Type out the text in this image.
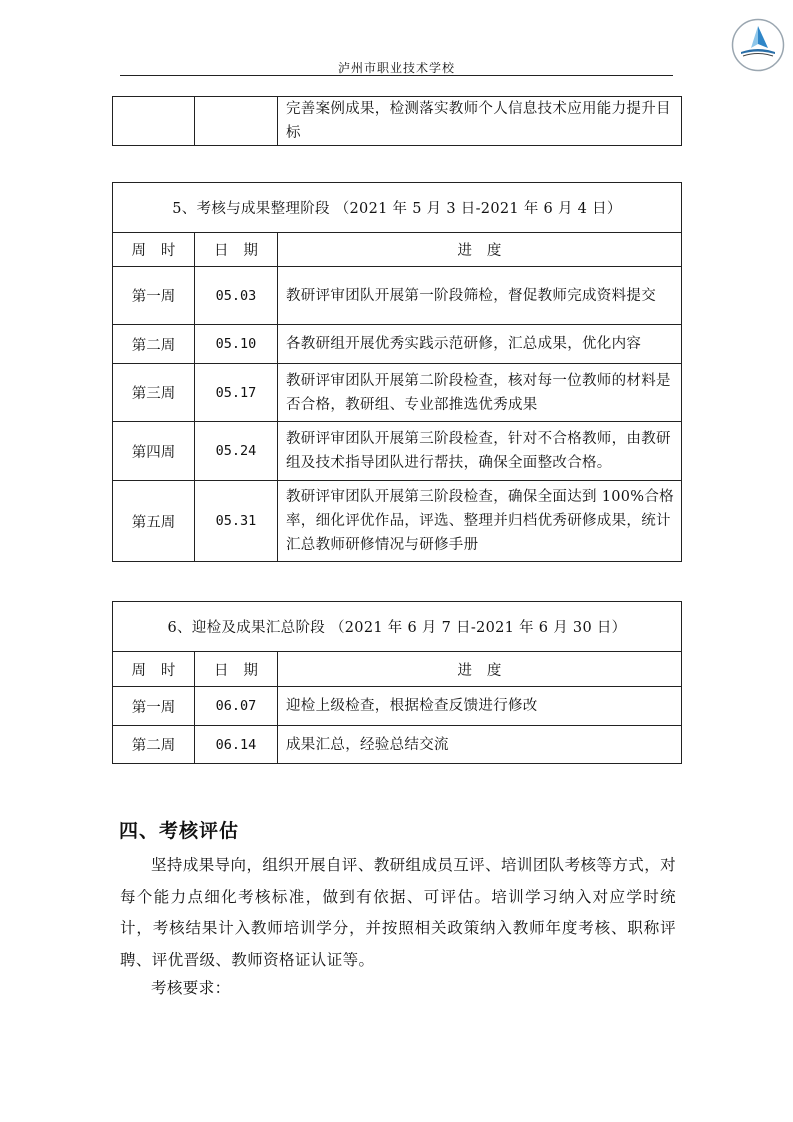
泸州市职业技术学校
		完善案例成果，检测落实教师个人信息技术应用能力提升目标
5、考核与成果整理阶段 （2021 年 5 月 3 日-2021 年 6 月 4 日）		
周　时	日　期	进　度
第一周	05.03	教研评审团队开展第一阶段筛检，督促教师完成资料提交
第二周	05.10	各教研组开展优秀实践示范研修，汇总成果，优化内容
第三周	05.17	教研评审团队开展第二阶段检查，核对每一位教师的材料是否合格，教研组、专业部推选优秀成果
第四周	05.24	教研评审团队开展第三阶段检查，针对不合格教师，由教研组及技术指导团队进行帮扶，确保全面整改合格。
第五周	05.31	教研评审团队开展第三阶段检查，确保全面达到 100%合格率，细化评优作品，评选、整理并归档优秀研修成果，统计汇总教师研修情况与研修手册
6、迎检及成果汇总阶段 （2021 年 6 月 7 日-2021 年 6 月 30 日）		
周　时	日　期	进　度
第一周	06.07	迎检上级检查，根据检查反馈进行修改
第二周	06.14	成果汇总，经验总结交流
四、考核评估
坚持成果导向，组织开展自评、教研组成员互评、培训团队考核等方式，对每个能力点细化考核标准，做到有依据、可评估。培训学习纳入对应学时统计，考核结果计入教师培训学分，并按照相关政策纳入教师年度考核、职称评聘、评优晋级、教师资格证认证等。
考核要求：
